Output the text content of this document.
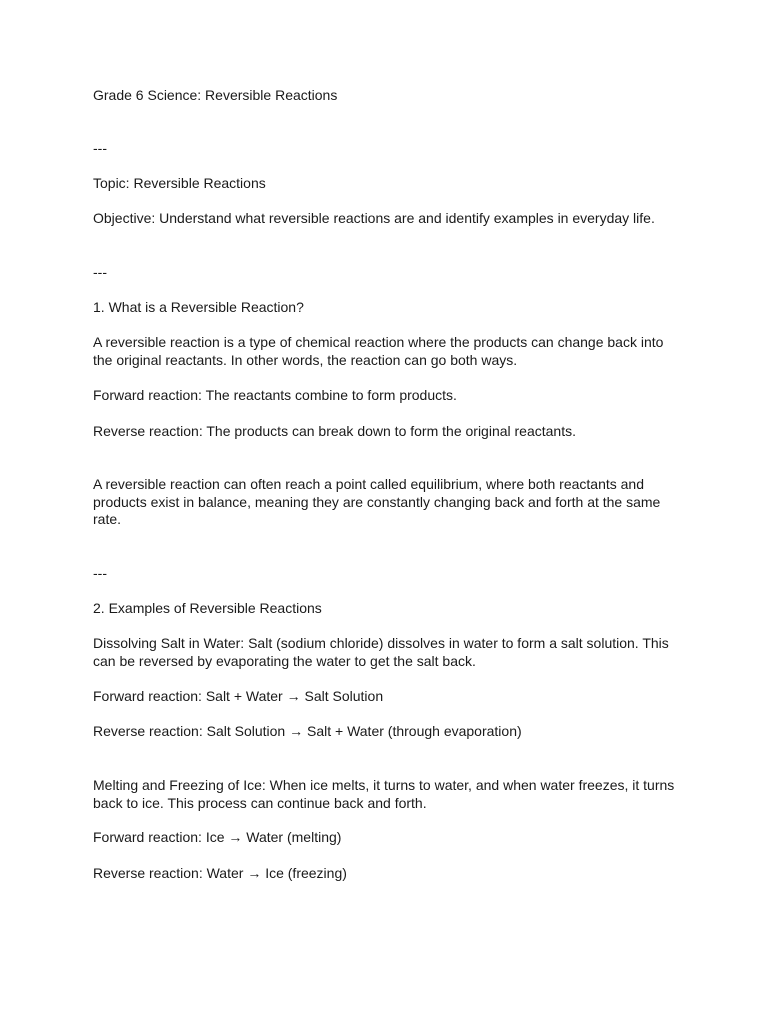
Grade 6 Science: Reversible Reactions

---

Topic: Reversible Reactions

Objective: Understand what reversible reactions are and identify examples in everyday life.

---

1. What is a Reversible Reaction?

A reversible reaction is a type of chemical reaction where the products can change back into the original reactants. In other words, the reaction can go both ways.

Forward reaction: The reactants combine to form products.

Reverse reaction: The products can break down to form the original reactants.

A reversible reaction can often reach a point called equilibrium, where both reactants and products exist in balance, meaning they are constantly changing back and forth at the same rate.

---

2. Examples of Reversible Reactions

Dissolving Salt in Water: Salt (sodium chloride) dissolves in water to form a salt solution. This can be reversed by evaporating the water to get the salt back.

Forward reaction: Salt + Water → Salt Solution

Reverse reaction: Salt Solution → Salt + Water (through evaporation)

Melting and Freezing of Ice: When ice melts, it turns to water, and when water freezes, it turns back to ice. This process can continue back and forth.

Forward reaction: Ice → Water (melting)

Reverse reaction: Water → Ice (freezing)
